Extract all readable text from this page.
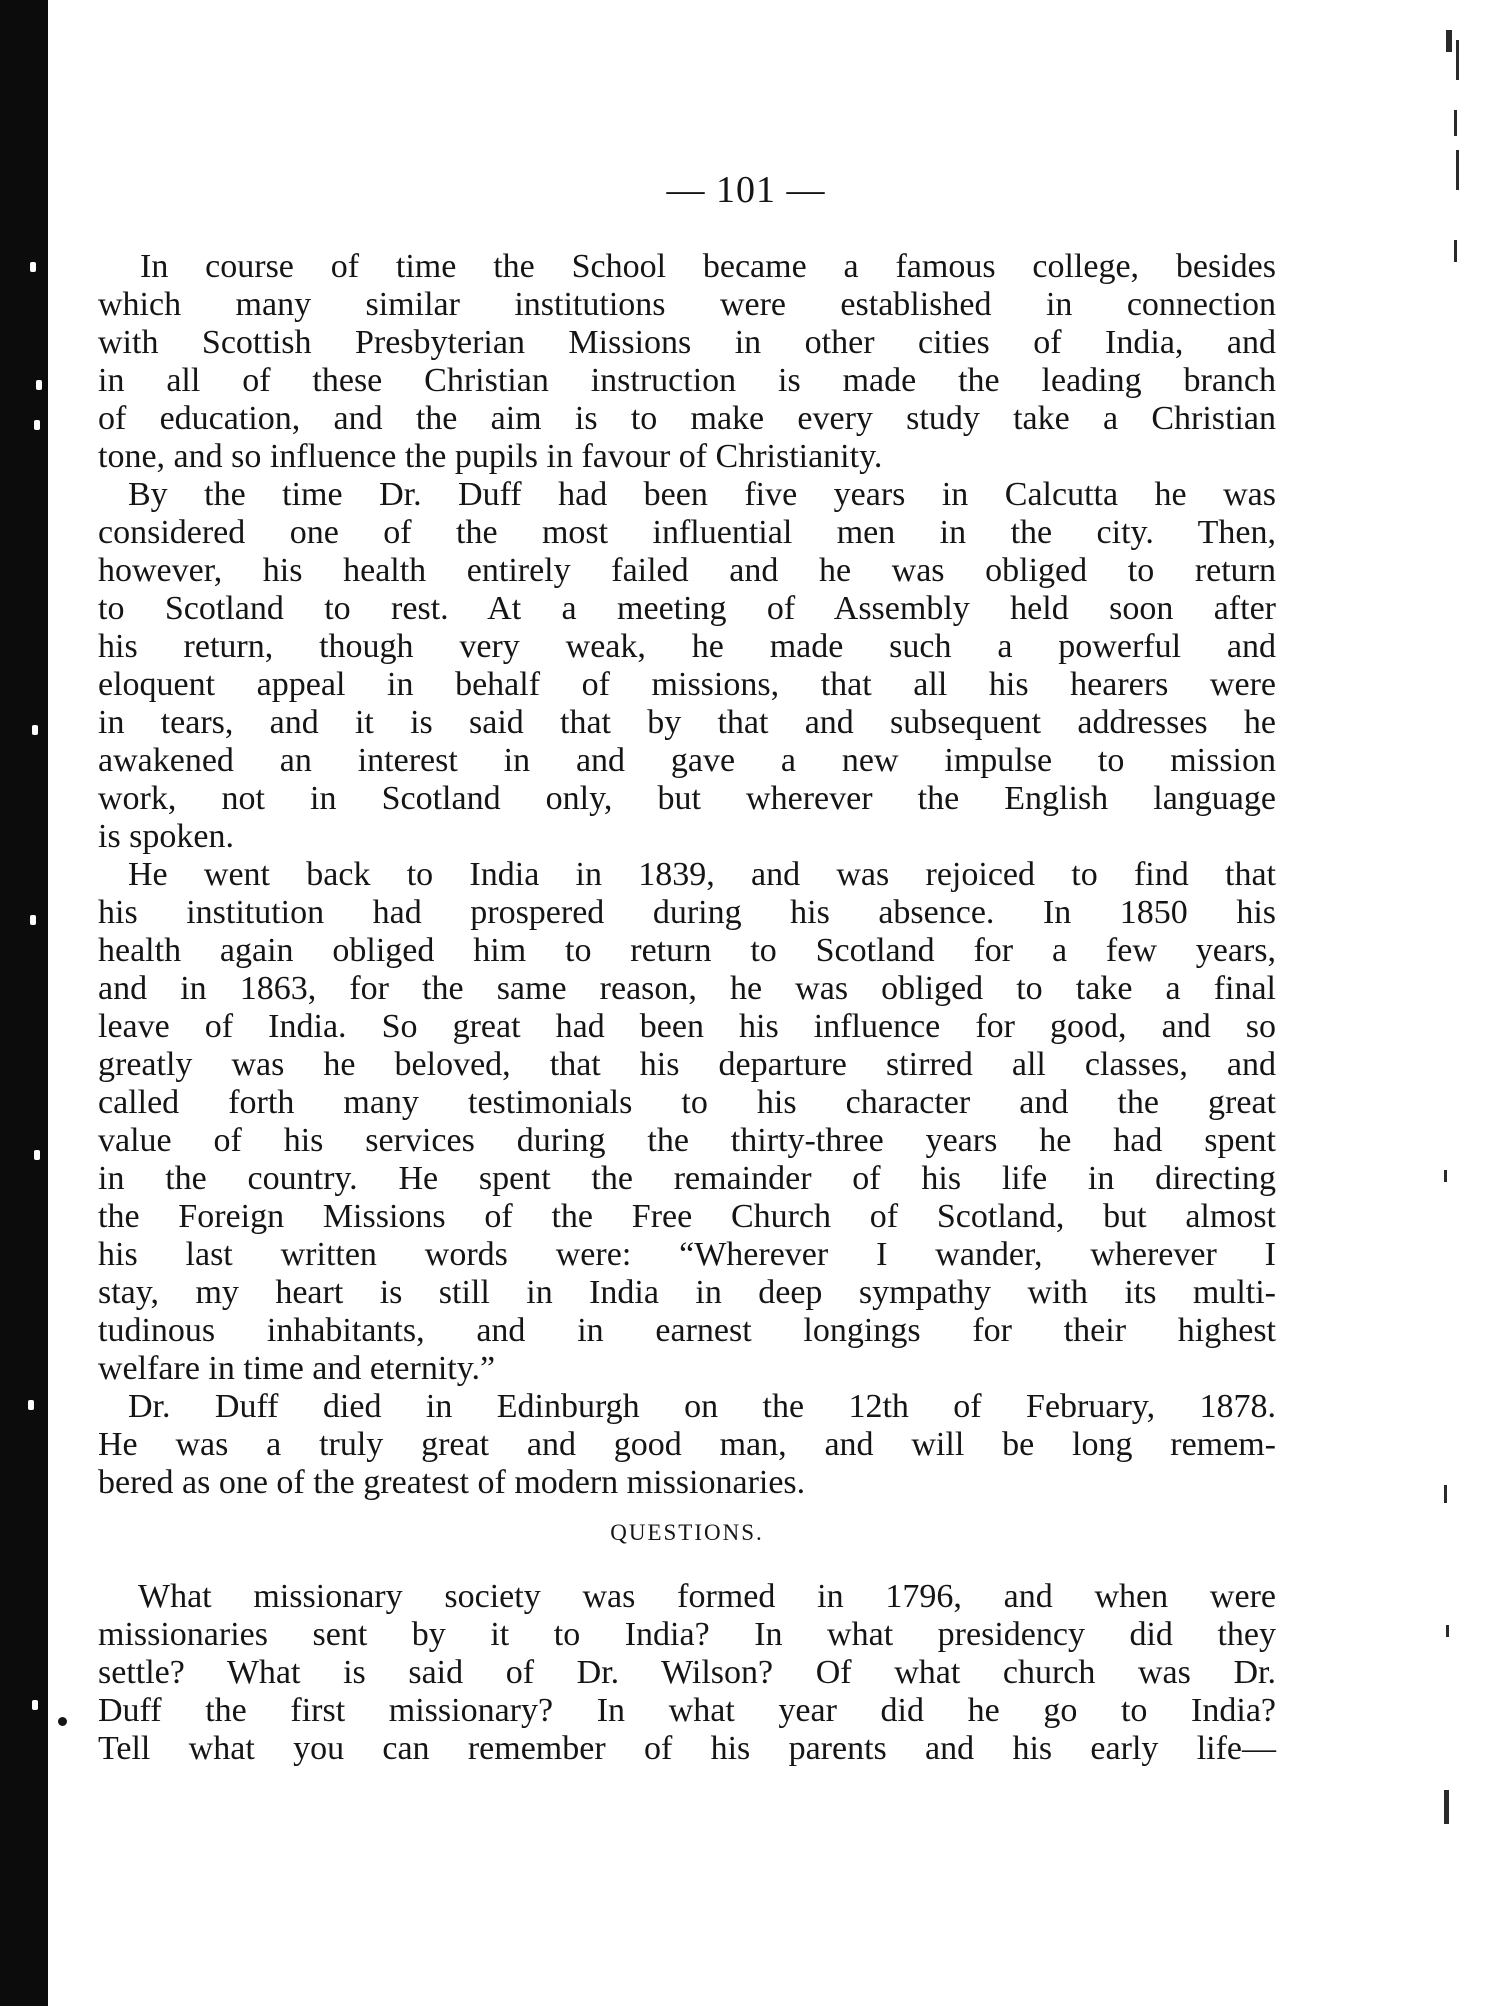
— 101 —
In course of time the School became a famous college, besides
which many similar institutions were established in connection
with Scottish Presbyterian Missions in other cities of India, and
in all of these Christian instruction is made the leading branch
of education, and the aim is to make every study take a Christian
tone, and so influence the pupils in favour of Christianity.
By the time Dr. Duff had been five years in Calcutta he was
considered one of the most influential men in the city. Then,
however, his health entirely failed and he was obliged to return
to Scotland to rest. At a meeting of Assembly held soon after
his return, though very weak, he made such a powerful and
eloquent appeal in behalf of missions, that all his hearers were
in tears, and it is said that by that and subsequent addresses he
awakened an interest in and gave a new impulse to mission
work, not in Scotland only, but wherever the English language
is spoken.
He went back to India in 1839, and was rejoiced to find that
his institution had prospered during his absence. In 1850 his
health again obliged him to return to Scotland for a few years,
and in 1863, for the same reason, he was obliged to take a final
leave of India. So great had been his influence for good, and so
greatly was he beloved, that his departure stirred all classes, and
called forth many testimonials to his character and the great
value of his services during the thirty-three years he had spent
in the country. He spent the remainder of his life in directing
the Foreign Missions of the Free Church of Scotland, but almost
his last written words were: “Wherever I wander, wherever I
stay, my heart is still in India in deep sympathy with its multi-
tudinous inhabitants, and in earnest longings for their highest
welfare in time and eternity.”
Dr. Duff died in Edinburgh on the 12th of February, 1878.
He was a truly great and good man, and will be long remem-
bered as one of the greatest of modern missionaries.
QUESTIONS.
What missionary society was formed in 1796, and when were
missionaries sent by it to India? In what presidency did they
settle? What is said of Dr. Wilson? Of what church was Dr.
Duff the first missionary? In what year did he go to India?
Tell what you can remember of his parents and his early life—
